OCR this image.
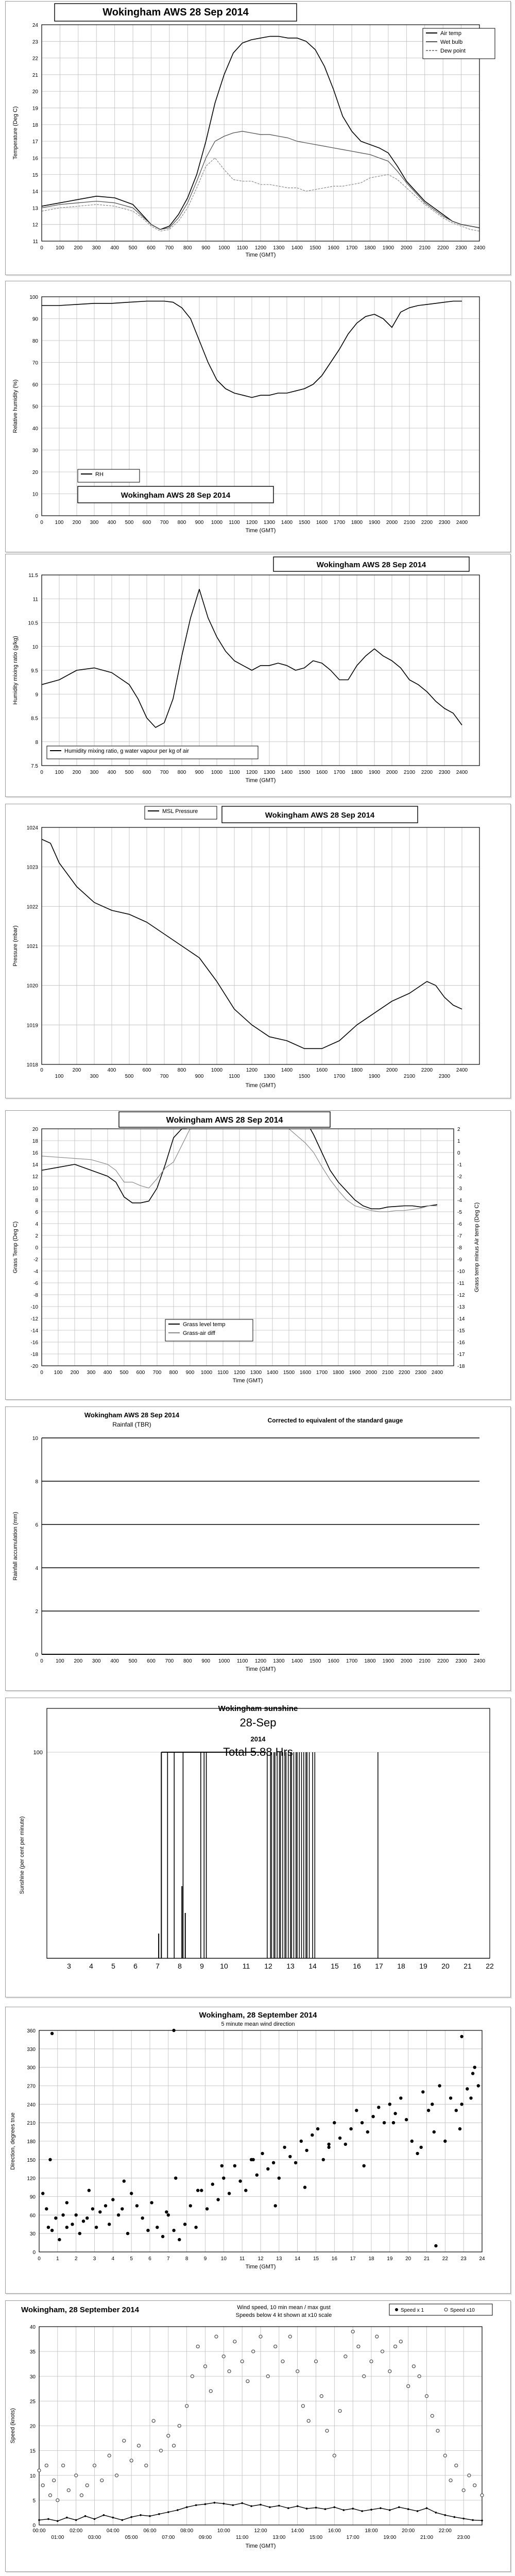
0 100 200 300 400 500 600 700 800 900 1000 1100 1200 1300 1400 1500 1600 1700 1800 1900 2000 2100 2200 2300 2400
11
12
13
14
15
16
17
18
19
20
21
22
23
24
Time (GMT)
Temperature (Deg C)
Wokingham AWS 28 Sep 2014
Air temp
Wet bulb
Dew point
0 100 200 300 400 500 600 700 800 900 1000 1100 1200 1300 1400 1500 1600 1700 1800 1900 2000 2100 2200 2300 2400
0
10
20
30
40
50
60
70
80
90
100
Time (GMT)
Relative humidity (%)
RH
Wokingham AWS 28 Sep 2014
0 100 200 300 400 500 600 700 800 900 1000 1100 1200 1300 1400 1500 1600 1700 1800 1900 2000 2100 2200 2300 2400
7.5
8
8.5
9
9.5
10
10.5
11
11.5
Time (GMT)
Humidity mixing ratio (g/kg)
Wokingham AWS 28 Sep 2014
Humidity mixing ratio, g water vapour per kg of air
0
100
200
300
400
500
600
700
800
900
1000
1100
1200
1300
1400
1500
1600
1700
1800
1900
2000
2100
2200
2300
2400
1018
1019
1020
1021
1022
1023
1024
Time (GMT)
Pressure (mbar)
MSL Pressure	Wokingham AWS 28 Sep 2014
0 100 200 300 400 500 600 700 800 900 1000 1100 1200 1300 1400 1500 1600 1700 1800 1900 2000 2100 2200 2300 2400
-20
-18
-16
-14
-12
-10
-8
-6
-4
-2
0
2
4
6
8
10
12
14
16
18
20
-18
-17
-16
-15
-14
-13
-12
-11
-10
-9
-8
-7
-6
-5
-4
-3
-2
-1
0
1
2
Time (GMT)
Grass Temp (Deg C)	Grass temp minus Air temp (Deg C)
Wokingham AWS 28 Sep 2014
Grass level temp
Grass-air diff
0 100 200 300 400 500 600 700 800 900 1000 1100 1200 1300 1400 1500 1600 1700 1800 1900 2000 2100 2200 2300 2400
0
2
4
6
8
10
Time (GMT)
Rainfall accumulation (mm)
Wokingham AWS 28 Sep 2014
Rainfall (TBR)
Corrected to equivalent of the standard gauge
3	4	5	6	7	8	9 10 11 12 13 14 15 16 17 18 19 20 21 22
100
Sunshine (per cent per minute)
Wokingham sunshine
28-Sep
2014
Total 5.88 Hrs
0	1	2	3	4	5	6	7	8	9	10	11	12 13 14 15 16 17 18 19 20 21 22 23 24
0
30
60
90
120
150
180
210
240
270
300
330
360
Time (GMT)
Direction, degrees true
Wokingham, 28 September 2014
5 minute mean wind direction
00:00	02:00	04:00	06:00	08:00	10:00	12:00	14:00	16:00	18:00	20:00	22:00
01:00	03:00	05:00	07:00	09:00	11:00	13:00	15:00	17:00	19:00	21:00	23:00
0
5
10
15
20
25
30
35
40
Time (GMT)
Speed (knots)
Wokingham, 28 September 2014	Wind speed, 10 min mean / max gust
Speeds below 4 kt shown at x10 scale
Speed x 1	Speed x10
